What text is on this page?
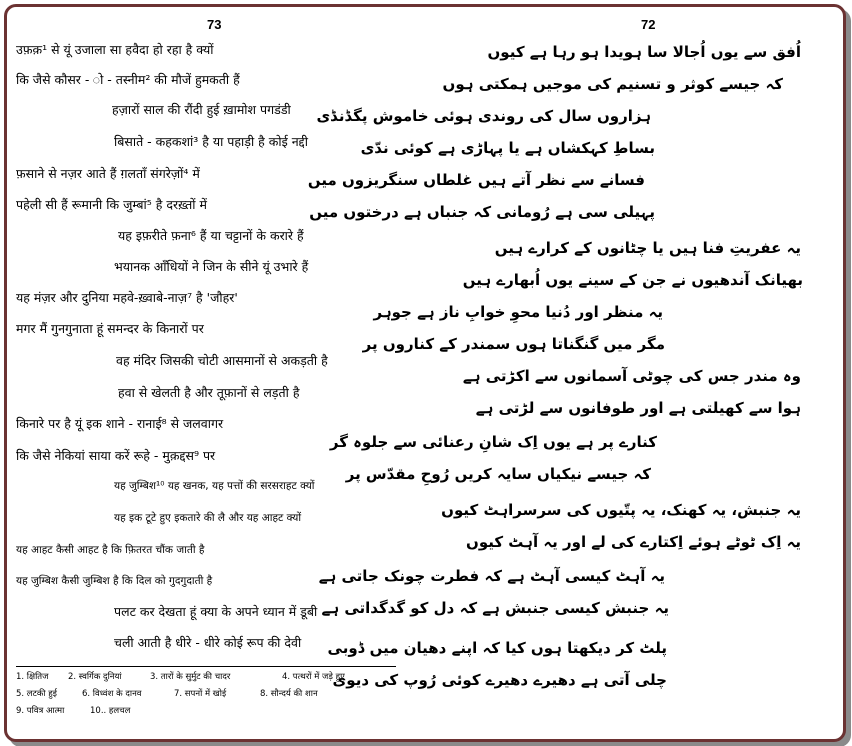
73	72
उफ़क़¹ से यूं उजाला सा हवैदा हो रहा है क्यों
कि जैसे कौसर - ो - तस्नीम² की मौजें हुमकती हैं
हज़ारों साल की रौंदी हुई ख़ामोश पगडंडी
बिसाते - कहकशां³ है या पहाड़ी है कोई नद्दी
फ़साने से नज़र आते हैं ग़लताँ संगरेज़ों⁴ में
पहेली सी हैं रूमानी कि जुम्बां⁵ है दरख़्तों में
यह इफ़रीते फ़ना⁶ हैं या चट्टानों के करारे हैं
भयानक आँधियों ने जिन के सीने यूं उभारे हैं
यह मंज़र और दुनिया महवे-ख़्वाबे-नाज़⁷ है 'जौहर'
मगर मैं गुनगुनाता हूं समन्दर के किनारों पर
वह मंदिर जिसकी चोटी आसमानों से अकड़ती है
हवा से खेलती है और तूफ़ानों से लड़ती है
किनारे पर है यूं इक शाने - रानाई⁸ से जलवागर
कि जैसे नेकियां साया करें रूहे - मुक़द्दस⁹ पर
यह जुम्बिश¹⁰ यह खनक, यह पत्तों की सरसराहट क्यों
यह इक टूटे हुए इकतारे की लै और यह आहट क्यों
यह आहट कैसी आहट है कि फ़ितरत चौंक जाती है
यह जुम्बिश कैसी जुम्बिश है कि दिल को गुदगुदाती है
पलट कर देखता हूं क्या के अपने ध्यान में डूबी
चली आती है धीरे - धीरे कोई रूप की देवी
1. क्षितिज 2. स्वर्गिक दुनियां	3. तारों के सुर्मुट की चादर	4. पत्थरों में जड़े हुए
5. लटकी हुई	6. विध्वंश के दानव	7. सपनों में खोई	8. सौन्दर्य की शान
9. पवित्र आत्मा	10.. हलचल
اُفق سے یوں اُجالا سا ہویدا ہو رہا ہے کیوں
کہ جیسے کوثر و تسنیم کی موجیں ہمکتی ہوں
ہزاروں سال کی روندی ہوئی خاموش پگڈنڈی
بساطِ کہکشاں ہے یا پہاڑی ہے کوئی ندّی
فسانے سے نظر آتے ہیں غلطاں سنگریزوں میں
پہیلی سی ہے رُومانی کہ جنباں ہے درختوں میں
یہ عفریتِ فنا ہیں یا چٹانوں کے کرارے ہیں
بھیانک آندھیوں نے جن کے سینے یوں اُبھارے ہیں
یہ منظر اور دُنیا محوِ خوابِ ناز ہے جوہر
مگر میں گنگناتا ہوں سمندر کے کناروں پر
وہ مندر جس کی چوٹی آسمانوں سے اکڑتی ہے
ہوا سے کھیلتی ہے اور طوفانوں سے لڑتی ہے
کنارے پر ہے یوں اِک شانِ رعنائی سے جلوہ گر
کہ جیسے نیکیاں سایہ کریں رُوحِ مقدّس پر
یہ جنبش، یہ کھنک، یہ پتّیوں کی سرسراہٹ کیوں
یہ اِک ٹوٹے ہوئے اِکتارے کی لے اور یہ آہٹ کیوں
یہ آہٹ کیسی آہٹ ہے کہ فطرت چونک جاتی ہے
یہ جنبش کیسی جنبش ہے کہ دل کو گدگداتی ہے
پلٹ کر دیکھتا ہوں کیا کہ اپنے دھیان میں ڈوبی
چلی آتی ہے دھیرے دھیرے کوئی رُوپ کی دیوی
